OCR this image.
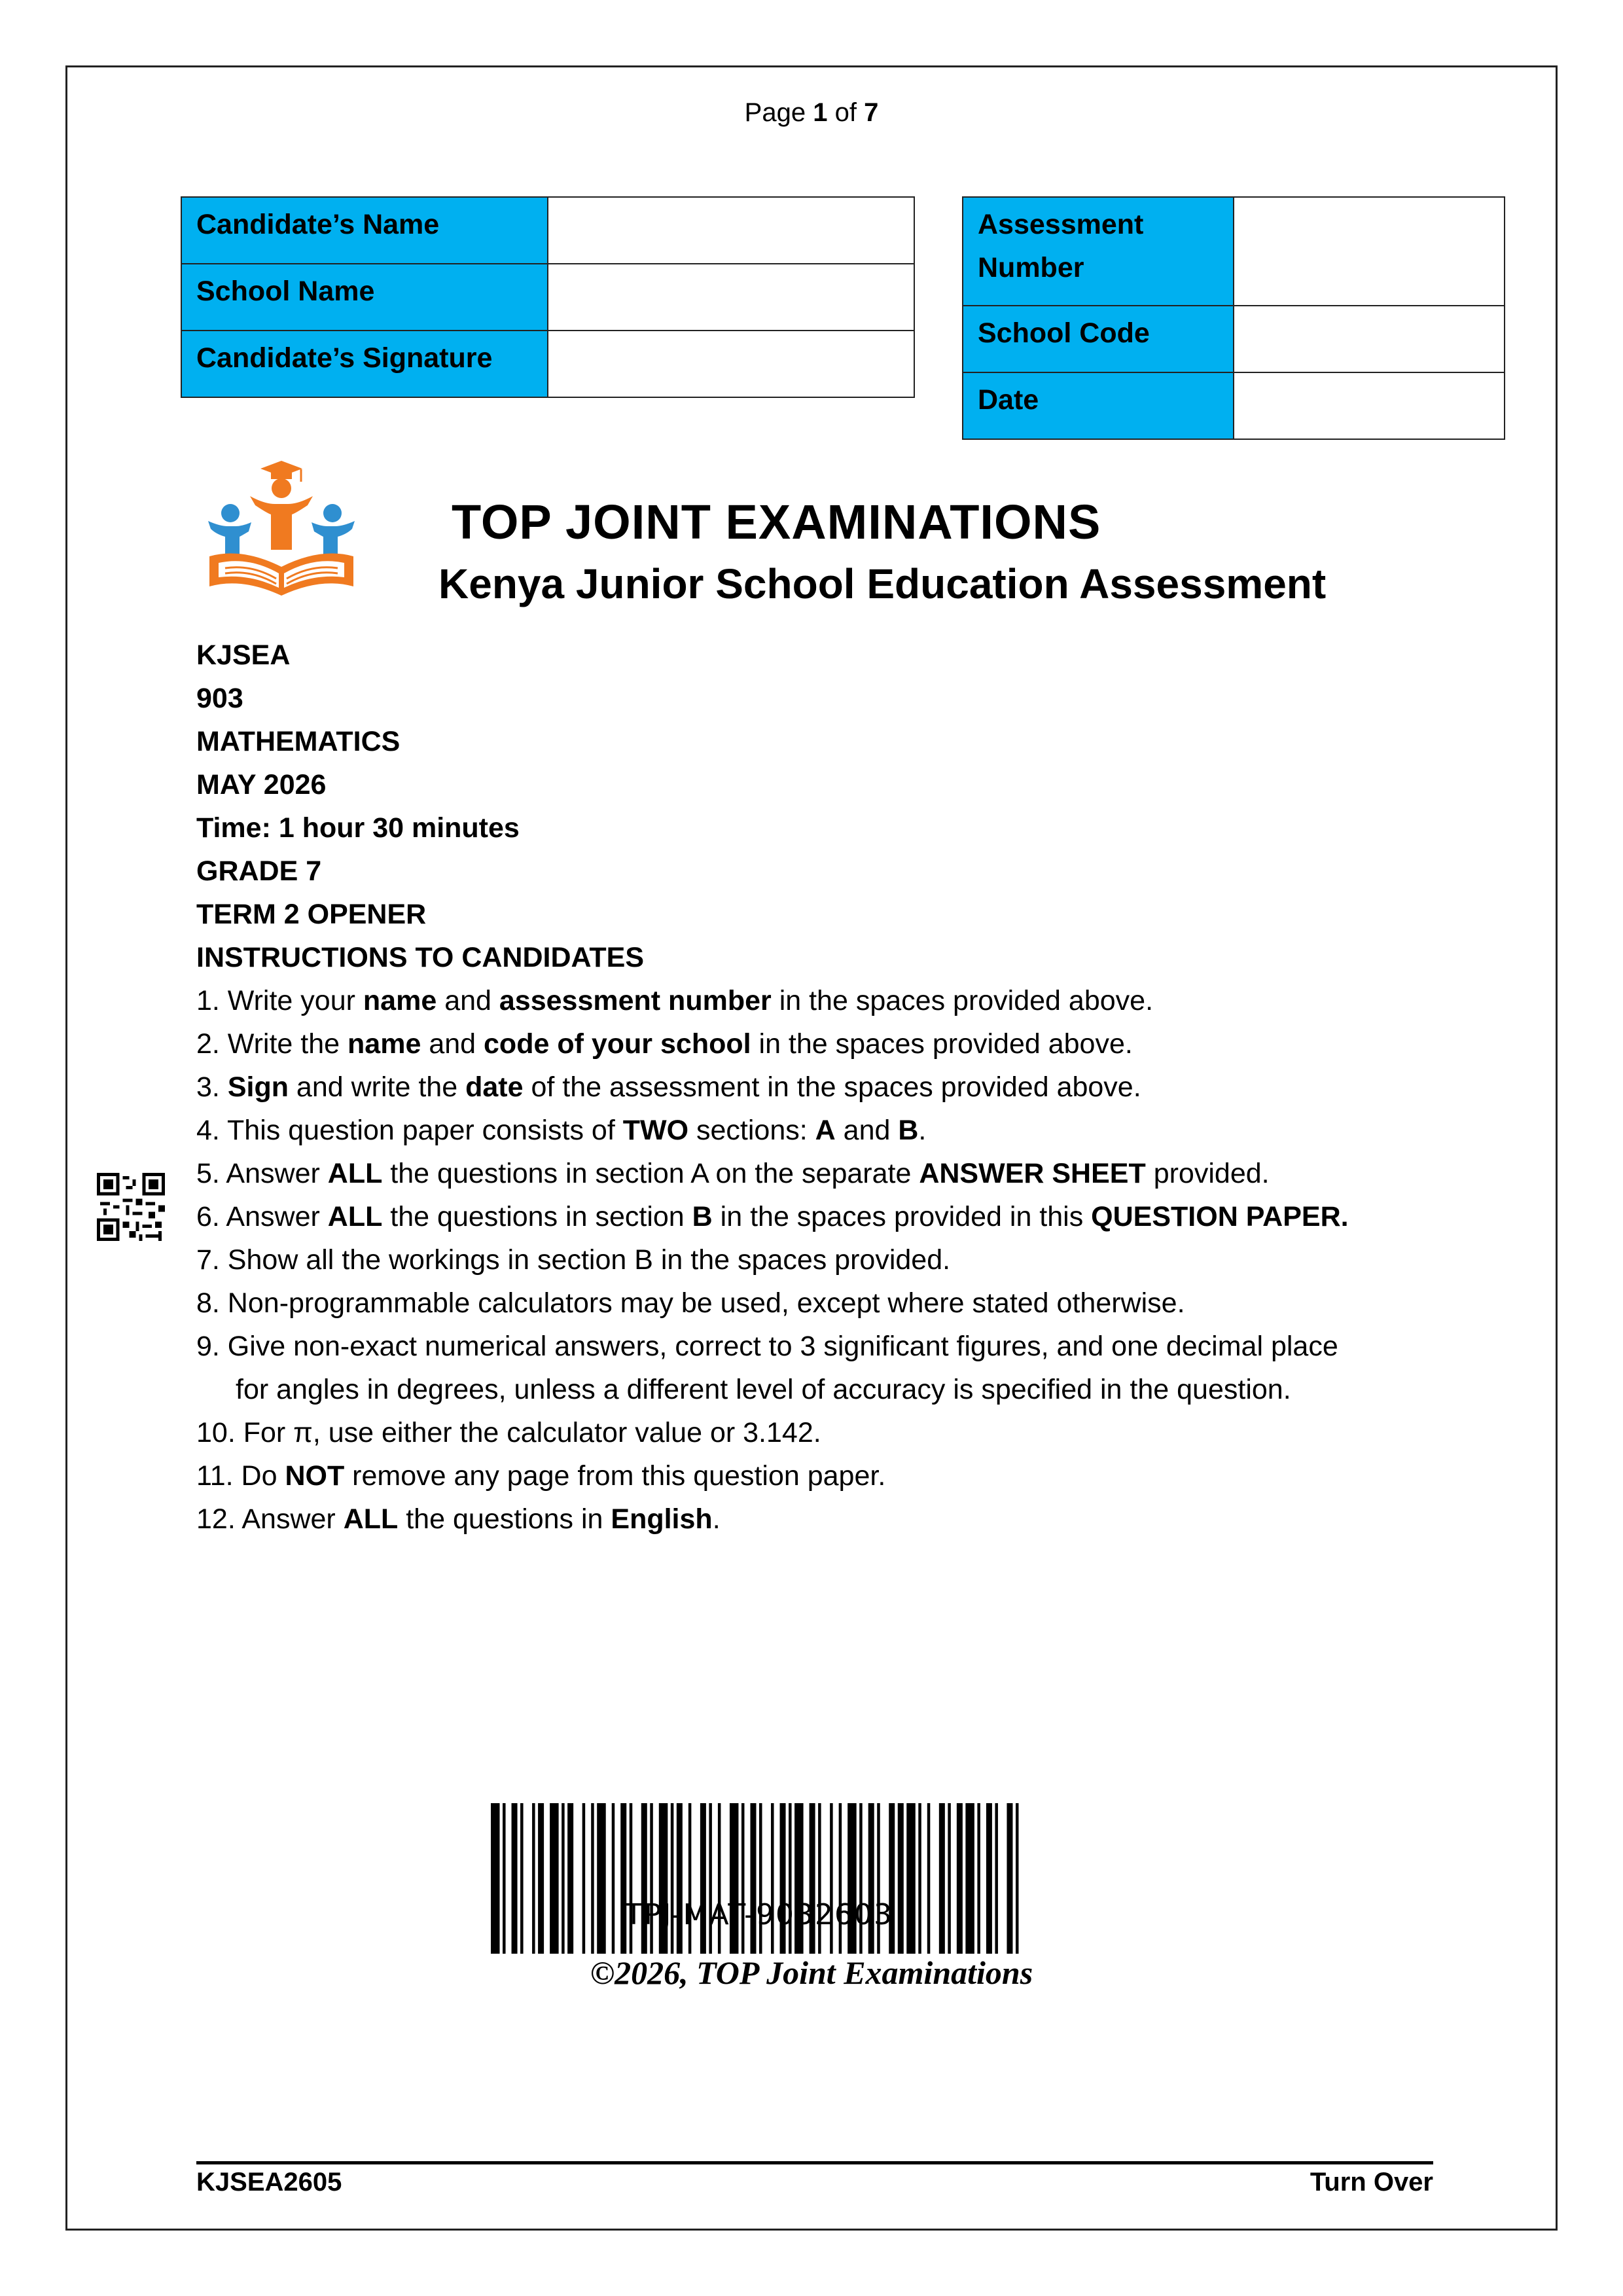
Page 1 of 7
Candidate’s Name	
School Name	
Candidate’s Signature	
Assessment
Number	

School Code	
Date	
TOP JOINT EXAMINATIONS
Kenya Junior School Education Assessment
KJSEA
903
MATHEMATICS
MAY 2026
Time: 1 hour 30 minutes
GRADE 7
TERM 2 OPENER
INSTRUCTIONS TO CANDIDATES
1. Write your name and assessment number in the spaces provided above.
2. Write the name and code of your school in the spaces provided above.
3. Sign and write the date of the assessment in the spaces provided above.
4. This question paper consists of TWO sections: A and B.
5. Answer ALL the questions in section A on the separate ANSWER SHEET provided.
6. Answer ALL the questions in section B in the spaces provided in this QUESTION PAPER.
7. Show all the workings in section B in the spaces provided.
8. Non-programmable calculators may be used, except where stated otherwise.
9. Give non-exact numerical answers, correct to 3 significant figures, and one decimal place
for angles in degrees, unless a different level of accuracy is specified in the question.
10. For π, use either the calculator value or 3.142.
11. Do NOT remove any page from this question paper.
12. Answer ALL the questions in English.
TPJ-MAT-9032603
©2026, TOP Joint Examinations
KJSEA2605	Turn Over
